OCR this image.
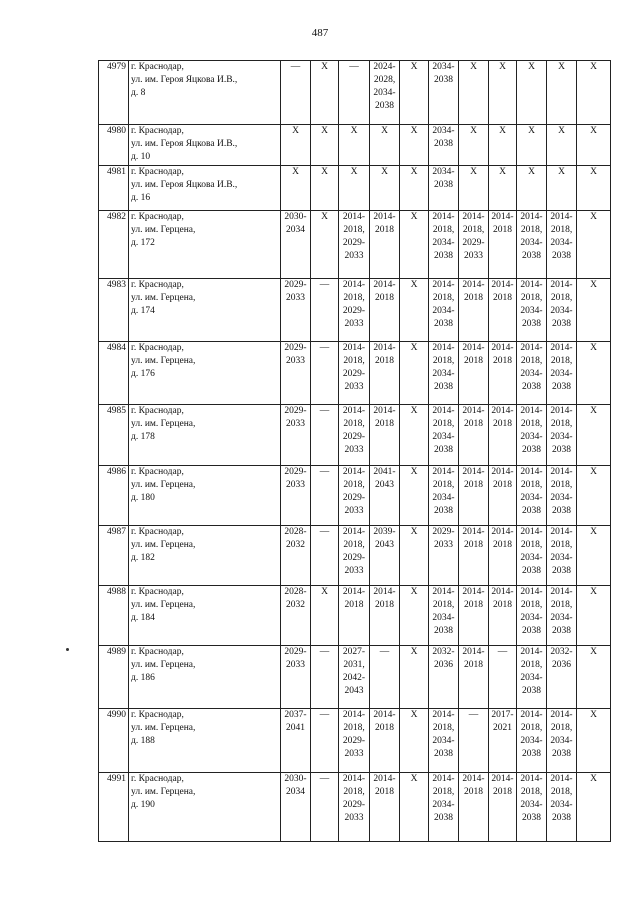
487
4979	г. Краснодар,
ул. им. Героя Яцкова И.В.,
д. 8	—	X	—	2024-
2028,
2034-
2038	X	2034-
2038	X	X	X	X	X

4980	г. Краснодар,
ул. им. Героя Яцкова И.В.,
д. 10	X	X	X	X	X	2034-
2038	X	X	X	X	X

4981	г. Краснодар,
ул. им. Героя Яцкова И.В.,
д. 16	X	X	X	X	X	2034-
2038	X	X	X	X	X

4982	г. Краснодар,
ул. им. Герцена,
д. 172	2030-
2034	X	2014-
2018,
2029-
2033	2014-
2018	X	2014-
2018,
2034-
2038	2014-
2018,
2029-
2033	2014-
2018	2014-
2018,
2034-
2038	2014-
2018,
2034-
2038	X

4983	г. Краснодар,
ул. им. Герцена,
д. 174	2029-
2033	—	2014-
2018,
2029-
2033	2014-
2018	X	2014-
2018,
2034-
2038	2014-
2018	2014-
2018	2014-
2018,
2034-
2038	2014-
2018,
2034-
2038	X

4984	г. Краснодар,
ул. им. Герцена,
д. 176	2029-
2033	—	2014-
2018,
2029-
2033	2014-
2018	X	2014-
2018,
2034-
2038	2014-
2018	2014-
2018	2014-
2018,
2034-
2038	2014-
2018,
2034-
2038	X

4985	г. Краснодар,
ул. им. Герцена,
д. 178	2029-
2033	—	2014-
2018,
2029-
2033	2014-
2018	X	2014-
2018,
2034-
2038	2014-
2018	2014-
2018	2014-
2018,
2034-
2038	2014-
2018,
2034-
2038	X

4986	г. Краснодар,
ул. им. Герцена,
д. 180	2029-
2033	—	2014-
2018,
2029-
2033	2041-
2043	X	2014-
2018,
2034-
2038	2014-
2018	2014-
2018	2014-
2018,
2034-
2038	2014-
2018,
2034-
2038	X

4987	г. Краснодар,
ул. им. Герцена,
д. 182	2028-
2032	—	2014-
2018,
2029-
2033	2039-
2043	X	2029-
2033	2014-
2018	2014-
2018	2014-
2018,
2034-
2038	2014-
2018,
2034-
2038	X

4988	г. Краснодар,
ул. им. Герцена,
д. 184	2028-
2032	X	2014-
2018	2014-
2018	X	2014-
2018,
2034-
2038	2014-
2018	2014-
2018	2014-
2018,
2034-
2038	2014-
2018,
2034-
2038	X

4989	г. Краснодар,
ул. им. Герцена,
д. 186	2029-
2033	—	2027-
2031,
2042-
2043	—	X	2032-
2036	2014-
2018	—	2014-
2018,
2034-
2038	2032-
2036	X

4990	г. Краснодар,
ул. им. Герцена,
д. 188	2037-
2041	—	2014-
2018,
2029-
2033	2014-
2018	X	2014-
2018,
2034-
2038	—	2017-
2021	2014-
2018,
2034-
2038	2014-
2018,
2034-
2038	X

4991	г. Краснодар,
ул. им. Герцена,
д. 190	2030-
2034	—	2014-
2018,
2029-
2033	2014-
2018	X	2014-
2018,
2034-
2038	2014-
2018	2014-
2018	2014-
2018,
2034-
2038	2014-
2018,
2034-
2038	X
